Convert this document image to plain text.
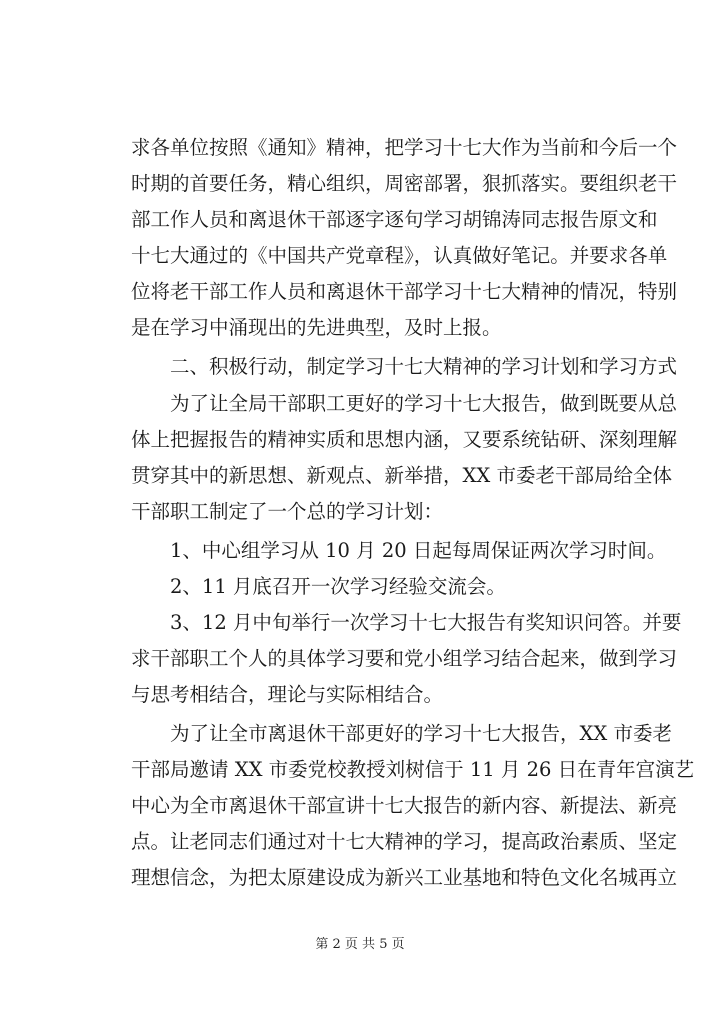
求各单位按照《通知》精神，把学习十七大作为当前和今后一个
时期的首要任务，精心组织，周密部署，狠抓落实。要组织老干
部工作人员和离退休干部逐字逐句学习胡锦涛同志报告原文和
十七大通过的《中国共产党章程》，认真做好笔记。并要求各单
位将老干部工作人员和离退休干部学习十七大精神的情况，特别
是在学习中涌现出的先进典型，及时上报。
二、积极行动，制定学习十七大精神的学习计划和学习方式
为了让全局干部职工更好的学习十七大报告，做到既要从总
体上把握报告的精神实质和思想内涵，又要系统钻研、深刻理解
贯穿其中的新思想、新观点、新举措，XX 市委老干部局给全体
干部职工制定了一个总的学习计划：
1、中心组学习从 10 月 20 日起每周保证两次学习时间。
2、11 月底召开一次学习经验交流会。
3、12 月中旬举行一次学习十七大报告有奖知识问答。并要
求干部职工个人的具体学习要和党小组学习结合起来，做到学习
与思考相结合，理论与实际相结合。
为了让全市离退休干部更好的学习十七大报告，XX 市委老
干部局邀请 XX 市委党校教授刘树信于 11 月 26 日在青年宫演艺
中心为全市离退休干部宣讲十七大报告的新内容、新提法、新亮
点。让老同志们通过对十七大精神的学习，提高政治素质、坚定
理想信念，为把太原建设成为新兴工业基地和特色文化名城再立
第 2 页 共 5 页
